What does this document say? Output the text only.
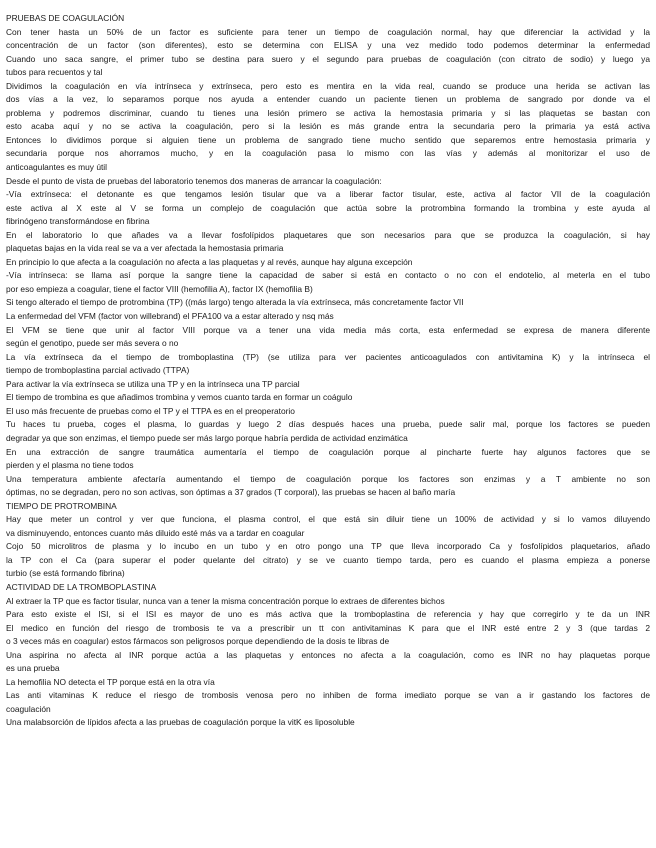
PRUEBAS DE COAGULACIÓN
Con tener hasta un 50% de un factor es suficiente para tener un tiempo de coagulación normal, hay que diferenciar la actividad y la
concentración de un factor (son diferentes), esto se determina con ELISA y una vez medido todo podemos determinar la enfermedad
Cuando uno saca sangre, el primer tubo se destina para suero y el segundo para pruebas de coagulación (con citrato de sodio) y luego ya
tubos para recuentos y tal
Dividimos la coagulación en vía intrínseca y extrínseca, pero esto es mentira en la vida real, cuando se produce una herida se activan las
dos vías a la vez, lo separamos porque nos ayuda a entender cuando un paciente tienen un problema de sangrado por donde va el
problema y podremos discriminar, cuando tu tienes una lesión primero se activa la hemostasia primaria y si las plaquetas se bastan con
esto acaba aquí y no se activa la coagulación, pero si la lesión es más grande entra la secundaria pero la primaria ya está activa
Entonces lo dividimos porque si alguien tiene un problema de sangrado tiene mucho sentido que separemos entre hemostasia primaria y
secundaria porque nos ahorramos mucho, y en la coagulación pasa lo mismo con las vías y además al monitorizar el uso de
anticoagulantes es muy útil
Desde el punto de vista de pruebas del laboratorio tenemos dos maneras de arrancar la coagulación:
-Vía extrínseca: el detonante es que tengamos lesión tisular que va a liberar factor tisular, este, activa al factor VII de la coagulación
este activa al X este al V se forma un complejo de coagulación que actúa sobre la protrombina formando la trombina y este ayuda al
fibrinógeno transformándose en fibrina
En el laboratorio lo que añades va a llevar fosfolípidos plaquetares que son necesarios para que se produzca la coagulación, si hay
plaquetas bajas en la vida real se va a ver afectada la hemostasia primaria
En principio lo que afecta a la coagulación no afecta a las plaquetas y al revés, aunque hay alguna excepción
-Vía intrínseca: se llama así porque la sangre tiene la capacidad de saber si está en contacto o no con el endotelio, al meterla en el tubo
por eso empieza a coagular, tiene el factor VIII (hemofilia A), factor IX (hemofilia B)
Si tengo alterado el tiempo de protrombina (TP) ((más largo) tengo alterada la vía extrínseca, más concretamente factor VII
La enfermedad del VFM (factor von willebrand) el PFA100 va a estar alterado y nsq más
El VFM se tiene que unir al factor VIII porque va a tener una vida media más corta, esta enfermedad se expresa de manera diferente
según el genotipo, puede ser más severa o no
La vía extrínseca da el tiempo de tromboplastina (TP) (se utiliza para ver pacientes anticoagulados con antivitamina K) y la intrínseca el
tiempo de tromboplastina parcial activado (TTPA)
Para activar la vía extrínseca se utiliza una TP y en la intrínseca una TP parcial
El tiempo de trombina es que añadimos trombina y vemos cuanto tarda en formar un coágulo
El uso más frecuente de pruebas como el TP y el TTPA es en el preoperatorio
Tu haces tu prueba, coges el plasma, lo guardas y luego 2 días después haces una prueba, puede salir mal, porque los factores se pueden
degradar ya que son enzimas, el tiempo puede ser más largo porque habría perdida de actividad enzimática
En una extracción de sangre traumática aumentaría el tiempo de coagulación porque al pincharte fuerte hay algunos factores que se
pierden y el plasma no tiene todos
Una temperatura ambiente afectaría aumentando el tiempo de coagulación porque los factores son enzimas y a T ambiente no son
óptimas, no se degradan, pero no son activas, son óptimas a 37 grados (T corporal), las pruebas se hacen al baño maría
TIEMPO DE PROTROMBINA
Hay que meter un control y ver que funciona, el plasma control, el que está sin diluir tiene un 100% de actividad y si lo vamos diluyendo
va disminuyendo, entonces cuanto más diluido esté más va a tardar en coagular
Cojo 50 microlitros de plasma y lo incubo en un tubo y en otro pongo una TP que lleva incorporado Ca y fosfolípidos plaquetarios, añado
la TP con el Ca (para superar el poder quelante del citrato) y se ve cuanto tiempo tarda, pero es cuando el plasma empieza a ponerse
turbio (se está formando fibrina)
ACTIVIDAD DE LA TROMBOPLASTINA
Al extraer la TP que es factor tisular, nunca van a tener la misma concentración porque lo extraes de diferentes bichos
Para esto existe el ISI, si el ISI es mayor de uno es más activa que la tromboplastina de referencia y hay que corregirlo y te da un INR
El medico en función del riesgo de trombosis te va a prescribir un tt con antivitaminas K para que el INR esté entre 2 y 3 (que tardas 2
o 3 veces más en coagular) estos fármacos son peligrosos porque dependiendo de la dosis te libras de
Una aspirina no afecta al INR porque actúa a las plaquetas y entonces no afecta a la coagulación, como es INR no hay plaquetas porque
es una prueba
La hemofilia NO detecta el TP porque está en la otra vía
Las anti vitaminas K reduce el riesgo de trombosis venosa pero no inhiben de forma imediato porque se van a ir gastando los factores de
coagulación
Una malabsorción de lípidos afecta a las pruebas de coagulación porque la vitK es liposoluble
